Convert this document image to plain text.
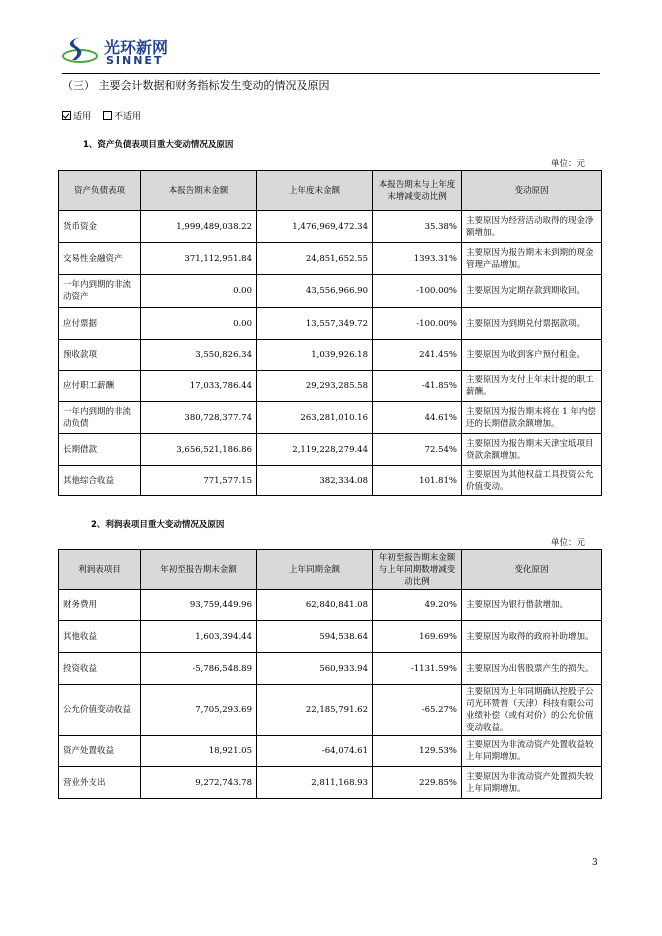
光环新网
SINNET
（三） 主要会计数据和财务指标发生变动的情况及原因
适用	不适用
1、资产负债表项目重大变动情况及原因
单位：元
资产负债表项	本报告期末金额	上年度末金额	本报告期末与上年度末增减变动比例	变动原因
货币资金	1,999,489,038.22	1,476,969,472.34	35.38%	主要原因为经营活动取得的现金净额增加。
交易性金融资产	371,112,951.84	24,851,652.55	1393.31%	主要原因为报告期末未到期的现金管理产品增加。
一年内到期的非流动资产	0.00	43,556,966.90	-100.00%	主要原因为定期存款到期收回。
应付票据	0.00	13,557,349.72	-100.00%	主要原因为到期兑付票据款项。
预收款项	3,550,826.34	1,039,926.18	241.45%	主要原因为收到客户预付租金。
应付职工薪酬	17,033,786.44	29,293,285.58	-41.85%	主要原因为支付上年末计提的职工薪酬。
一年内到期的非流动负债	380,728,377.74	263,281,010.16	44.61%	主要原因为报告期末将在 1 年内偿还的长期借款余额增加。
长期借款	3,656,521,186.86	2,119,228,279.44	72.54%	主要原因为报告期末天津宝坻项目贷款余额增加。
其他综合收益	771,577.15	382,334.08	101.81%	主要原因为其他权益工具投资公允价值变动。
2、利润表项目重大变动情况及原因
单位：元
利润表项目	年初至报告期末金额	上年同期金额	年初至报告期末金额与上年同期数增减变动比例	变化原因
财务费用	93,759,449.96	62,840,841.08	49.20%	主要原因为银行借款增加。
其他收益	1,603,394.44	594,538.64	169.69%	主要原因为取得的政府补助增加。
投资收益	-5,786,548.89	560,933.94	-1131.59%	主要原因为出售股票产生的损失。
公允价值变动收益	7,705,293.69	22,185,791.62	-65.27%	主要原因为上年同期确认控股子公司光环赞普（天津）科技有限公司业绩补偿（或有对价）的公允价值变动收益。
资产处置收益	18,921.05	-64,074.61	129.53%	主要原因为非流动资产处置收益较上年同期增加。
营业外支出	9,272,743.78	2,811,168.93	229.85%	主要原因为非流动资产处置损失较上年同期增加。
3
